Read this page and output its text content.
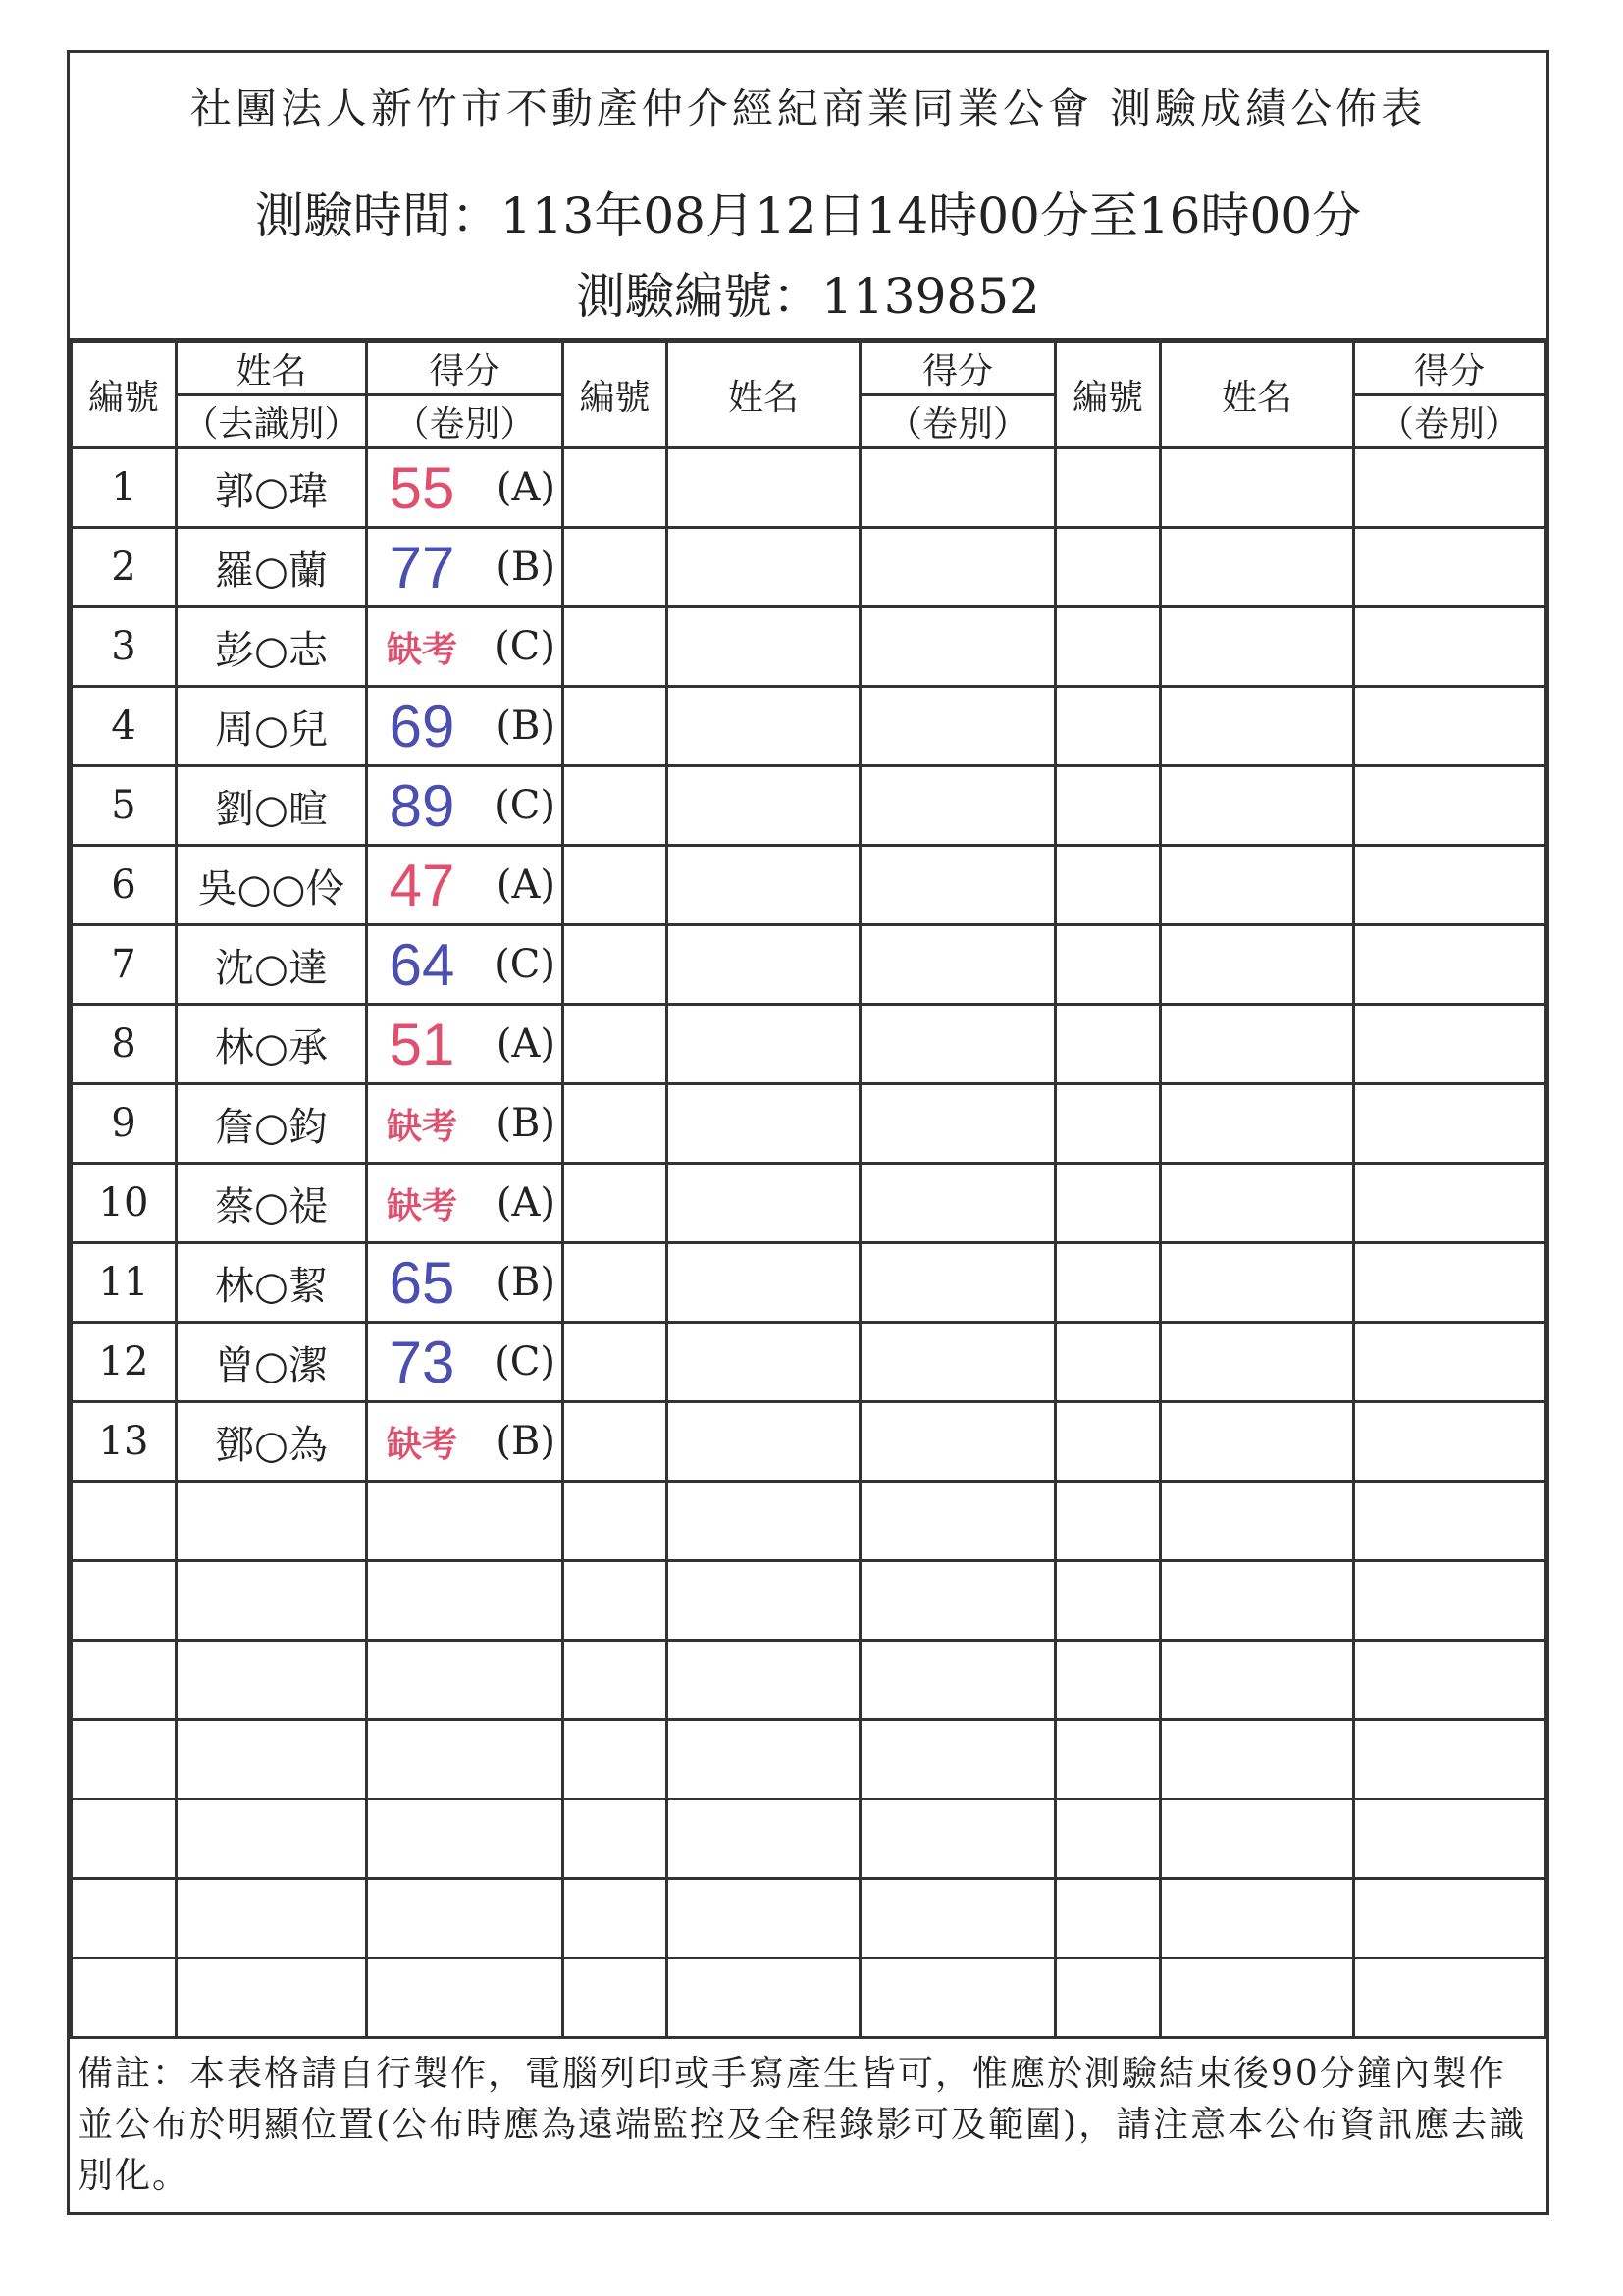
社團法人新竹市不動產仲介經紀商業同業公會 測驗成績公佈表
測驗時間：113年08月12日14時00分至16時00分
測驗編號：1139852
編號	姓名	得分	編號	姓名	得分	編號	姓名	得分
	（去識別）	（卷別）			（卷別）			（卷別）
1	郭○瑋	55 (A)						

2	羅○蘭	77 (B)						

3	彭○志	缺考 (C)						

4	周○兒	69 (B)						

5	劉○暄	89 (C)						

6	吳○○伶	47 (A)						

7	沈○達	64 (C)						

8	林○承	51 (A)						

9	詹○鈞	缺考 (B)						

10	蔡○禔	缺考 (A)						

11	林○絜	65 (B)						

12	曾○潔	73 (C)						

13	鄧○為	缺考 (B)						

備註：本表格請自行製作，電腦列印或手寫產生皆可，惟應於測驗結束後90分鐘內製作並公布於明顯位置(公布時應為遠端監控及全程錄影可及範圍)，請注意本公布資訊應去識別化。
